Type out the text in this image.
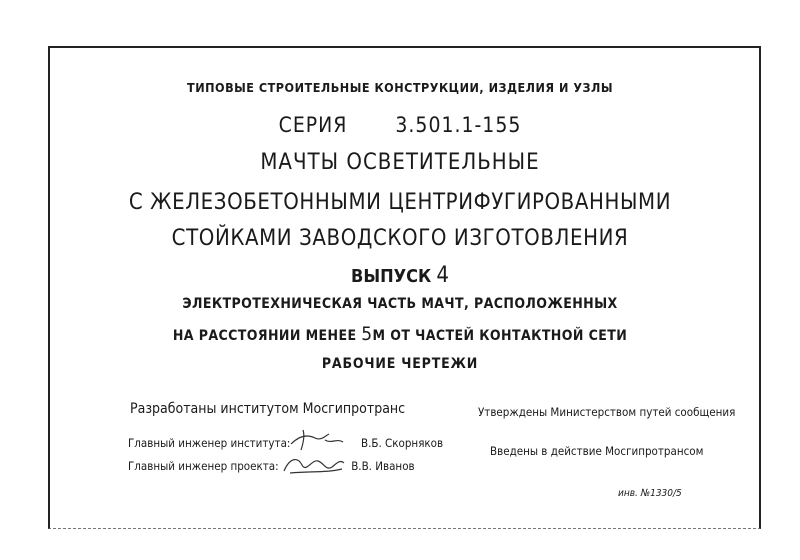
ТИПОВЫЕ СТРОИТЕЛЬНЫЕ КОНСТРУКЦИИ, ИЗДЕЛИЯ И УЗЛЫ
СЕРИЯ 3.501.1-155
МАЧТЫ ОСВЕТИТЕЛЬНЫЕ
С ЖЕЛЕЗОБЕТОННЫМИ ЦЕНТРИФУГИРОВАННЫМИ
СТОЙКАМИ ЗАВОДСКОГО ИЗГОТОВЛЕНИЯ
ВЫПУСК 4
ЭЛЕКТРОТЕХНИЧЕСКАЯ ЧАСТЬ МАЧТ, РАСПОЛОЖЕННЫХ
НА РАССТОЯНИИ МЕНЕЕ 5М ОТ ЧАСТЕЙ КОНТАКТНОЙ СЕТИ
РАБОЧИЕ ЧЕРТЕЖИ
Разработаны институтом Мосгипротранс
Главный инженер института:	В.Б. Скорняков
Главный инженер проекта:	В.В. Иванов
Утверждены Министерством путей сообщения
Введены в действие Мосгипротрансом
инв. №1330/5
